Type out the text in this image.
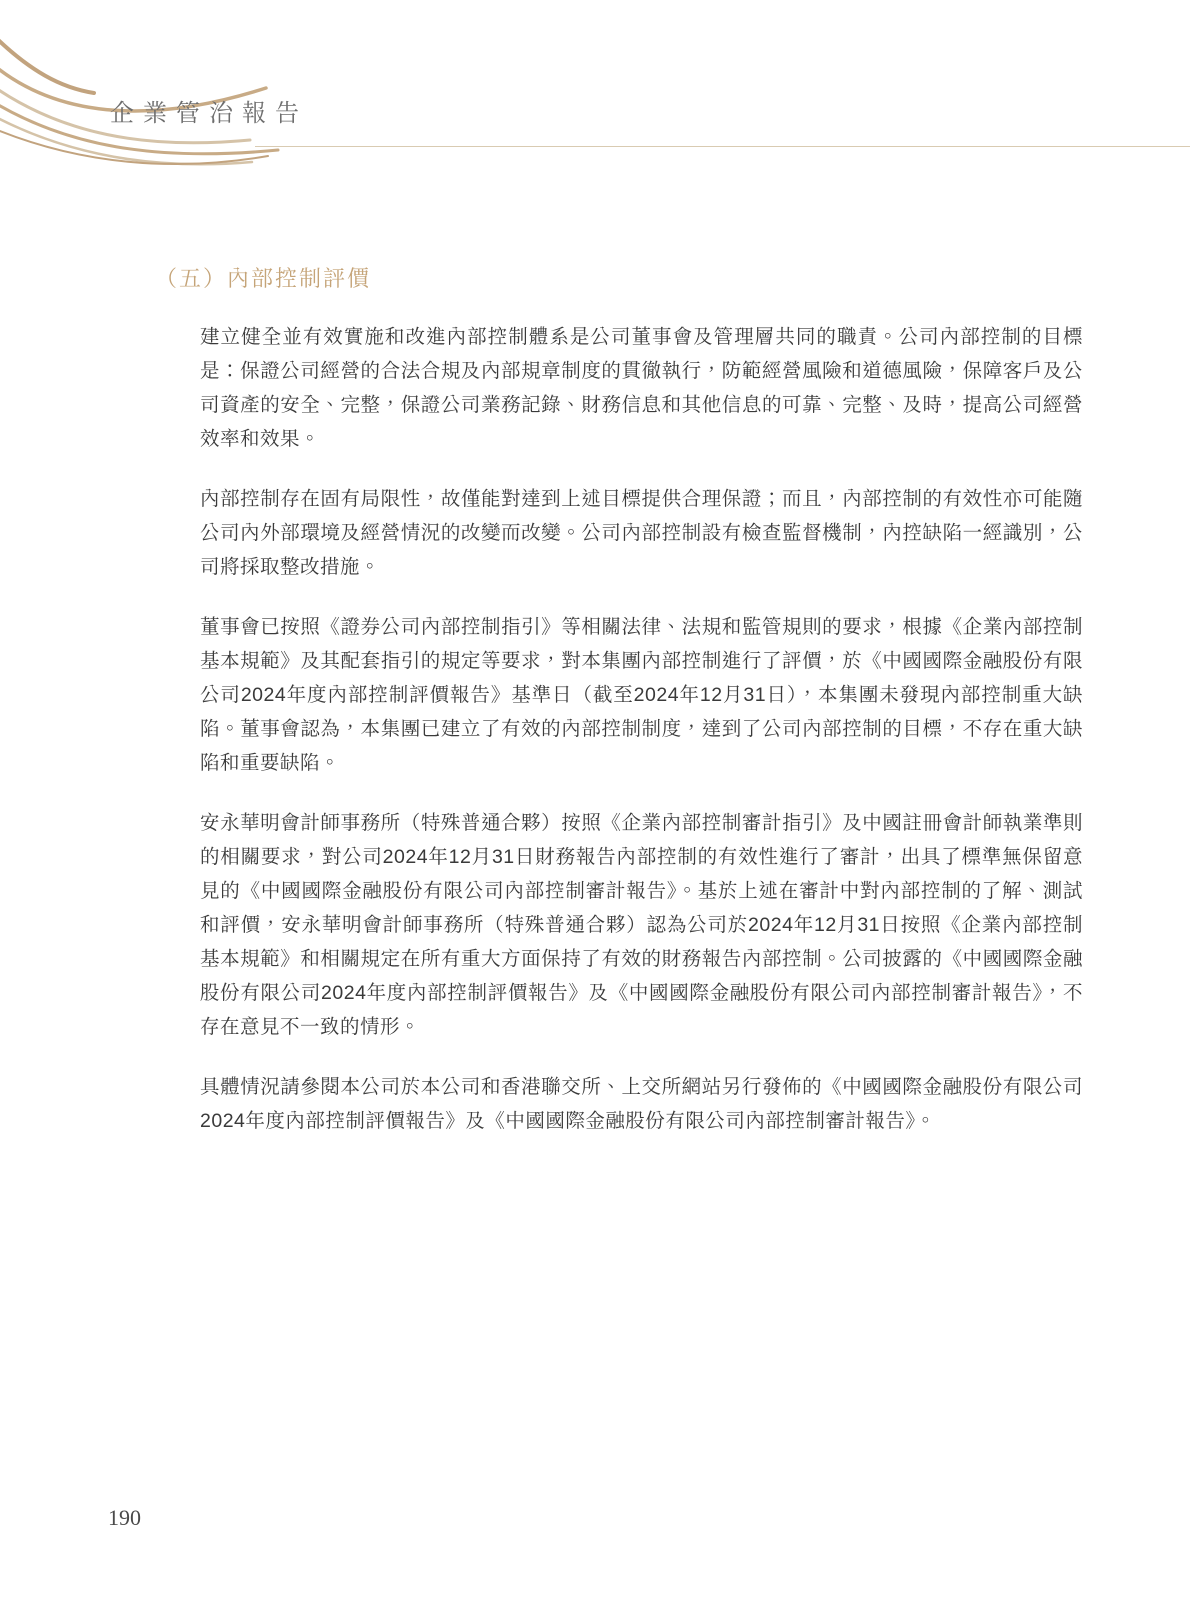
企業管治報告
（五）內部控制評價

建立健全並有效實施和改進內部控制體系是公司董事會及管理層共同的職責。公司內部控制的目標是：保證公司經營的合法合規及內部規章制度的貫徹執行，防範經營風險和道德風險，保障客戶及公司資產的安全、完整，保證公司業務記錄、財務信息和其他信息的可靠、完整、及時，提高公司經營效率和效果。

內部控制存在固有局限性，故僅能對達到上述目標提供合理保證；而且，內部控制的有效性亦可能隨公司內外部環境及經營情況的改變而改變。公司內部控制設有檢查監督機制，內控缺陷一經識別，公司將採取整改措施。

董事會已按照《證券公司內部控制指引》等相關法律、法規和監管規則的要求，根據《企業內部控制基本規範》及其配套指引的規定等要求，對本集團內部控制進行了評價，於《中國國際金融股份有限公司2024年度內部控制評價報告》基準日（截至2024年12月31日），本集團未發現內部控制重大缺陷。董事會認為，本集團已建立了有效的內部控制制度，達到了公司內部控制的目標，不存在重大缺陷和重要缺陷。

安永華明會計師事務所（特殊普通合夥）按照《企業內部控制審計指引》及中國註冊會計師執業準則的相關要求，對公司2024年12月31日財務報告內部控制的有效性進行了審計，出具了標準無保留意見的《中國國際金融股份有限公司內部控制審計報告》。基於上述在審計中對內部控制的了解、測試和評價，安永華明會計師事務所（特殊普通合夥）認為公司於2024年12月31日按照《企業內部控制基本規範》和相關規定在所有重大方面保持了有效的財務報告內部控制。公司披露的《中國國際金融股份有限公司2024年度內部控制評價報告》及《中國國際金融股份有限公司內部控制審計報告》，不存在意見不一致的情形。

具體情況請參閱本公司於本公司和香港聯交所、上交所網站另行發佈的《中國國際金融股份有限公司2024年度內部控制評價報告》及《中國國際金融股份有限公司內部控制審計報告》。

190
